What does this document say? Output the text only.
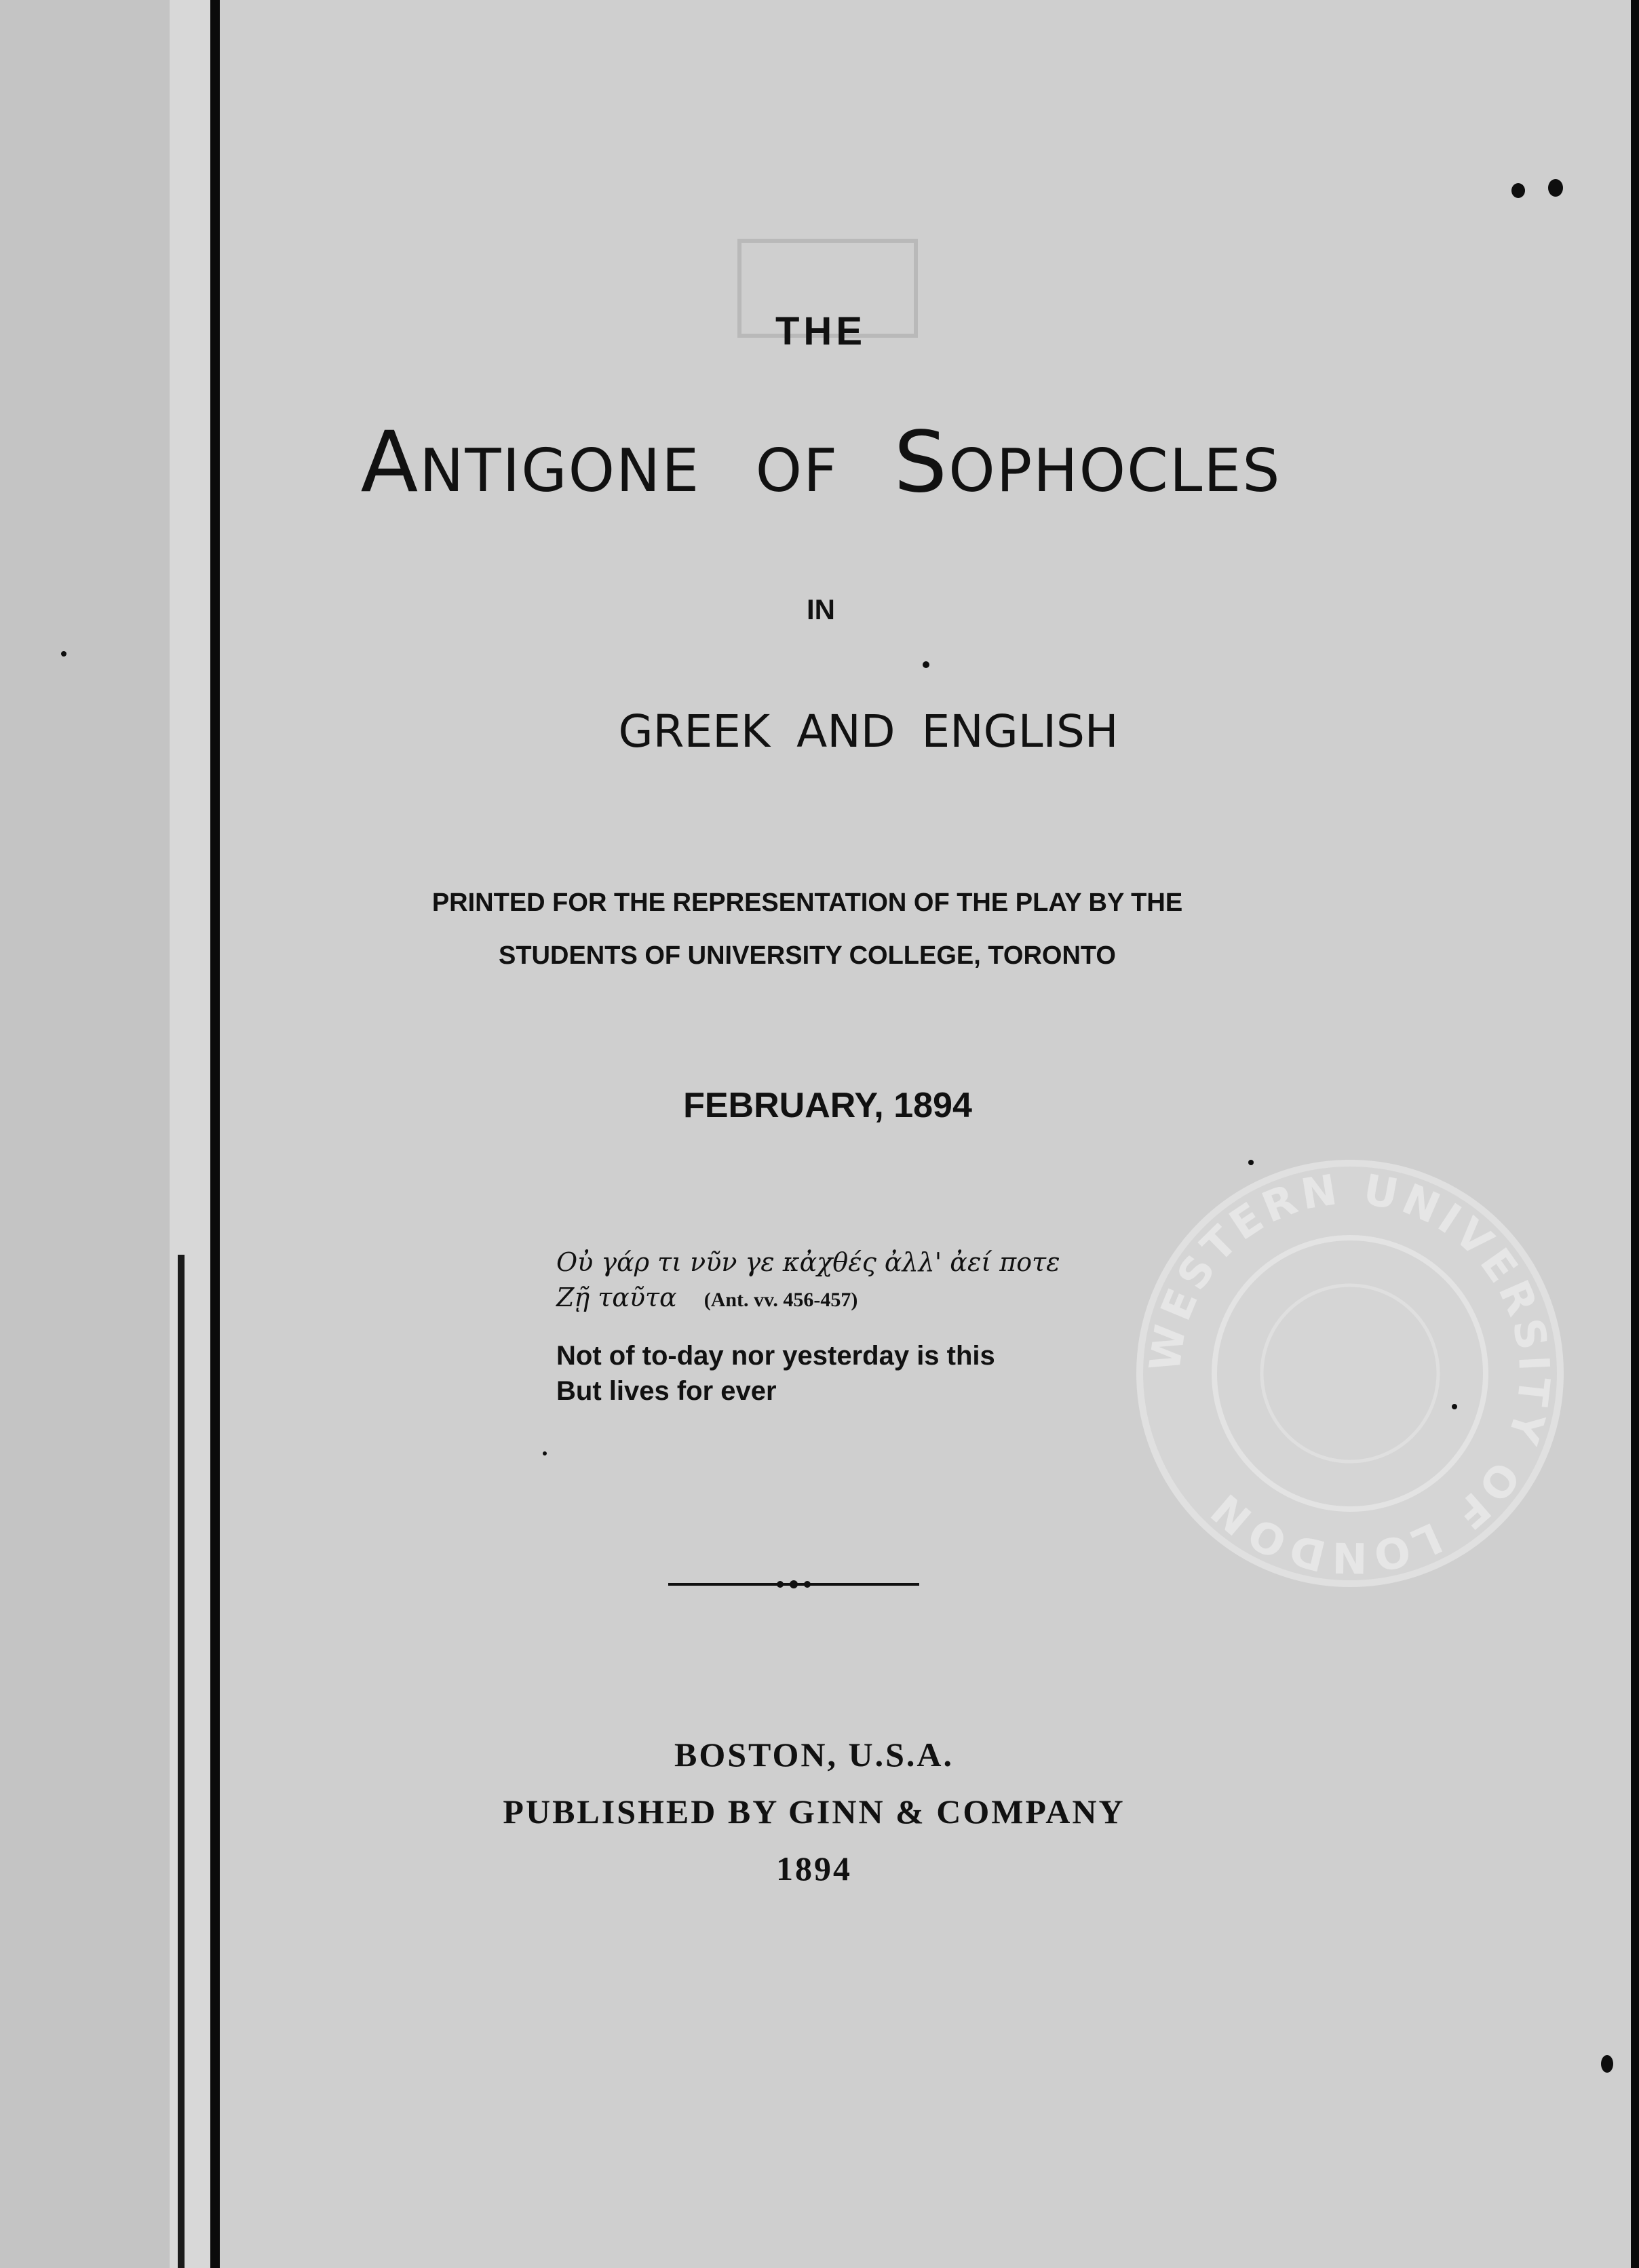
THE
Antigone of Sophocles
IN
GREEK AND ENGLISH
PRINTED FOR THE REPRESENTATION OF THE PLAY BY THE
STUDENTS OF UNIVERSITY COLLEGE, TORONTO
FEBRUARY, 1894
Οὐ γάρ τι νῦν γε κἀχθές ἀλλ' ἀεί ποτε
Ζῇ ταῦτα (Ant. vv. 456-457)
Not of to-day nor yesterday is this
But lives for ever
BOSTON, U.S.A.
PUBLISHED BY GINN & COMPANY
1894
WESTERN UNIVERSITY OF LONDON
